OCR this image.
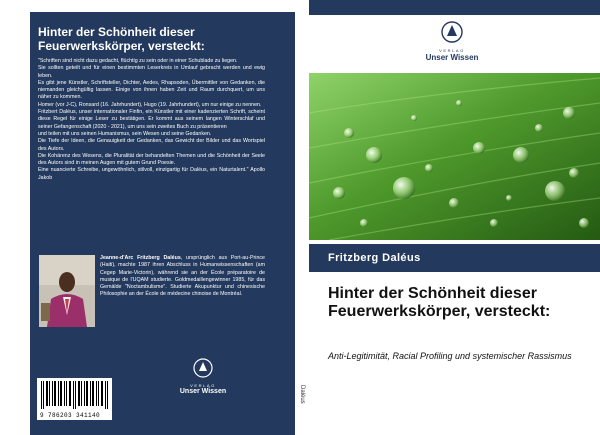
Hinter der Schönheit dieser
Feuerwerkskörper, versteckt:

"Schriften sind nicht dazu gedacht, flüchtig zu sein oder in einer Schublade zu liegen.

Sie sollten geteilt und für einen bestimmten Leserkreis in Umlauf gebracht werden und ewig leben.

Es gibt jene Künstler, Schriftsteller, Dichter, Aedes, Rhapsoden, Übermittler von Gedanken, die niemanden gleichgültig lassen. Einige von ihnen haben Zeit und Raum durchquert, um uns näher zu kommen.

Homer (vor J-C), Ronsard (16. Jahrhundert), Hugo (19. Jahrhundert), um nur einige zu nennen.

Fritzbert Daléus, unser internationaler Finfin, ein Künstler mit einer kadenzierten Schrift, scheint diese Regel für einige Leser zu bestätigen. Er kommt aus seinem langen Winterschlaf und seiner Gefangenschaft (2020 - 2021), um uns sein zweites Buch zu präsentieren

und teilen mit uns seinen Humanismus, sein Wesen und seine Gedanken.

Die Tiefe der Ideen, die Genauigkeit der Gedanken, das Gewicht der Bilder und das Wortspiel des Autors.

Die Kohärenz des Wesens, die Pluralität der behandelten Themen und die Schönheit der Seele des Autors sind in meinen Augen mit gutem Grund Poesie.

Eine nuancierte Schreibe, ungewöhnlich, stilvoll, einzigartig für Daléus, ein Naturtalent." Apollo Jakob

Jeanne-d'Arc Fritzberg Daléus, ursprünglich aus Port-au-Prince (Haiti), machte 1987 ihren Abschluss in Humanwissenschaften (am Cegep Marie-Victorin), während sie an der École préparatoire de musique de l'UQAM studierte. Goldmedaillengewinner 1985, für das Gemälde "Noctambulisme". Studierte Akupunktur und chinesische Philosophie an der École de médecine chinoise de Montréal.
VERLAG
Unser Wissen
9 786203 341140
Daléus
VERLAG
Unser Wissen
Fritzberg Daléus
Hinter der Schönheit dieser Feuerwerkskörper, versteckt:
Anti-Legitimität, Racial Profiling und systemischer Rassismus
